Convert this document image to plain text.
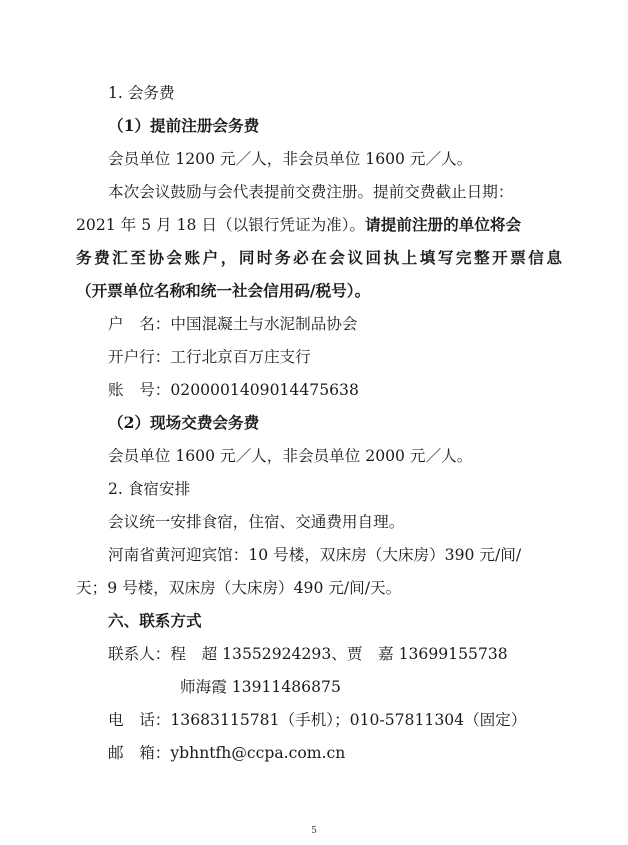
1. 会务费
（1）提前注册会务费
会员单位 1200 元／人，非会员单位 1600 元／人。
本次会议鼓励与会代表提前交费注册。提前交费截止日期：
2021 年 5 月 18 日（以银行凭证为准）。请提前注册的单位将会
务费汇至协会账户，同时务必在会议回执上填写完整开票信息
（开票单位名称和统一社会信用码/税号）。
户　名：中国混凝土与水泥制品协会
开户行：工行北京百万庄支行
账　号：0200001409014475638
（2）现场交费会务费
会员单位 1600 元／人，非会员单位 2000 元／人。
2. 食宿安排
会议统一安排食宿，住宿、交通费用自理。
河南省黄河迎宾馆：10 号楼，双床房（大床房）390 元/间/
天；9 号楼，双床房（大床房）490 元/间/天。
六、联系方式
联系人：程　超 13552924293、贾　嘉 13699155738
师海霞 13911486875
电　话：13683115781（手机）；010-57811304（固定）
邮　箱：ybhntfh@ccpa.com.cn
5
